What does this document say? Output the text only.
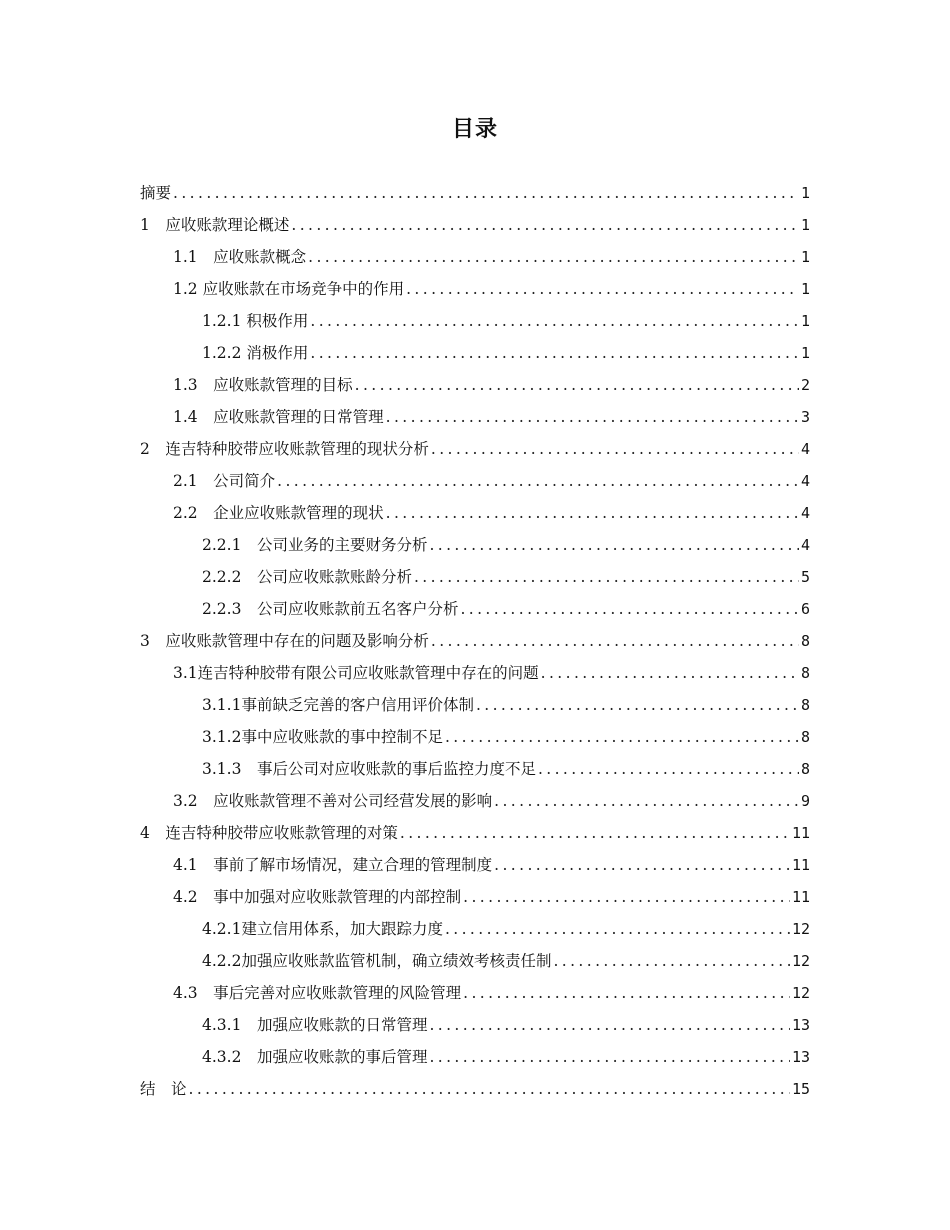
目录
摘要 .....	1
1　应收账款理论概述 .....	1
1.1　应收账款概念 .....	1
1.2 应收账款在市场竞争中的作用 .....	1
1.2.1 积极作用 .....	1
1.2.2 消极作用 .....	1
1.3　应收账款管理的目标 .....	2
1.4　应收账款管理的日常管理 .....	3
2　连吉特种胶带应收账款管理的现状分析 .....	4
2.1　公司简介 .....	4
2.2　企业应收账款管理的现状 .....	4
2.2.1　公司业务的主要财务分析 .....	4
2.2.2　公司应收账款账龄分析 .....	5
2.2.3　公司应收账款前五名客户分析 .....	6
3　应收账款管理中存在的问题及影响分析 .....	8
3.1连吉特种胶带有限公司应收账款管理中存在的问题 .....	8
3.1.1事前缺乏完善的客户信用评价体制 .....	8
3.1.2事中应收账款的事中控制不足 .....	8
3.1.3　事后公司对应收账款的事后监控力度不足 .....	8
3.2　应收账款管理不善对公司经营发展的影响 .....	9
4　连吉特种胶带应收账款管理的对策 .....	11
4.1　事前了解市场情况，建立合理的管理制度 .....	11
4.2　事中加强对应收账款管理的内部控制 .....	11
4.2.1建立信用体系，加大跟踪力度 .....	12
4.2.2加强应收账款监管机制，确立绩效考核责任制 .....	12
4.3　事后完善对应收账款管理的风险管理 .....	12
4.3.1　加强应收账款的日常管理 .....	13
4.3.2　加强应收账款的事后管理 .....	13
结　论 .....	15
